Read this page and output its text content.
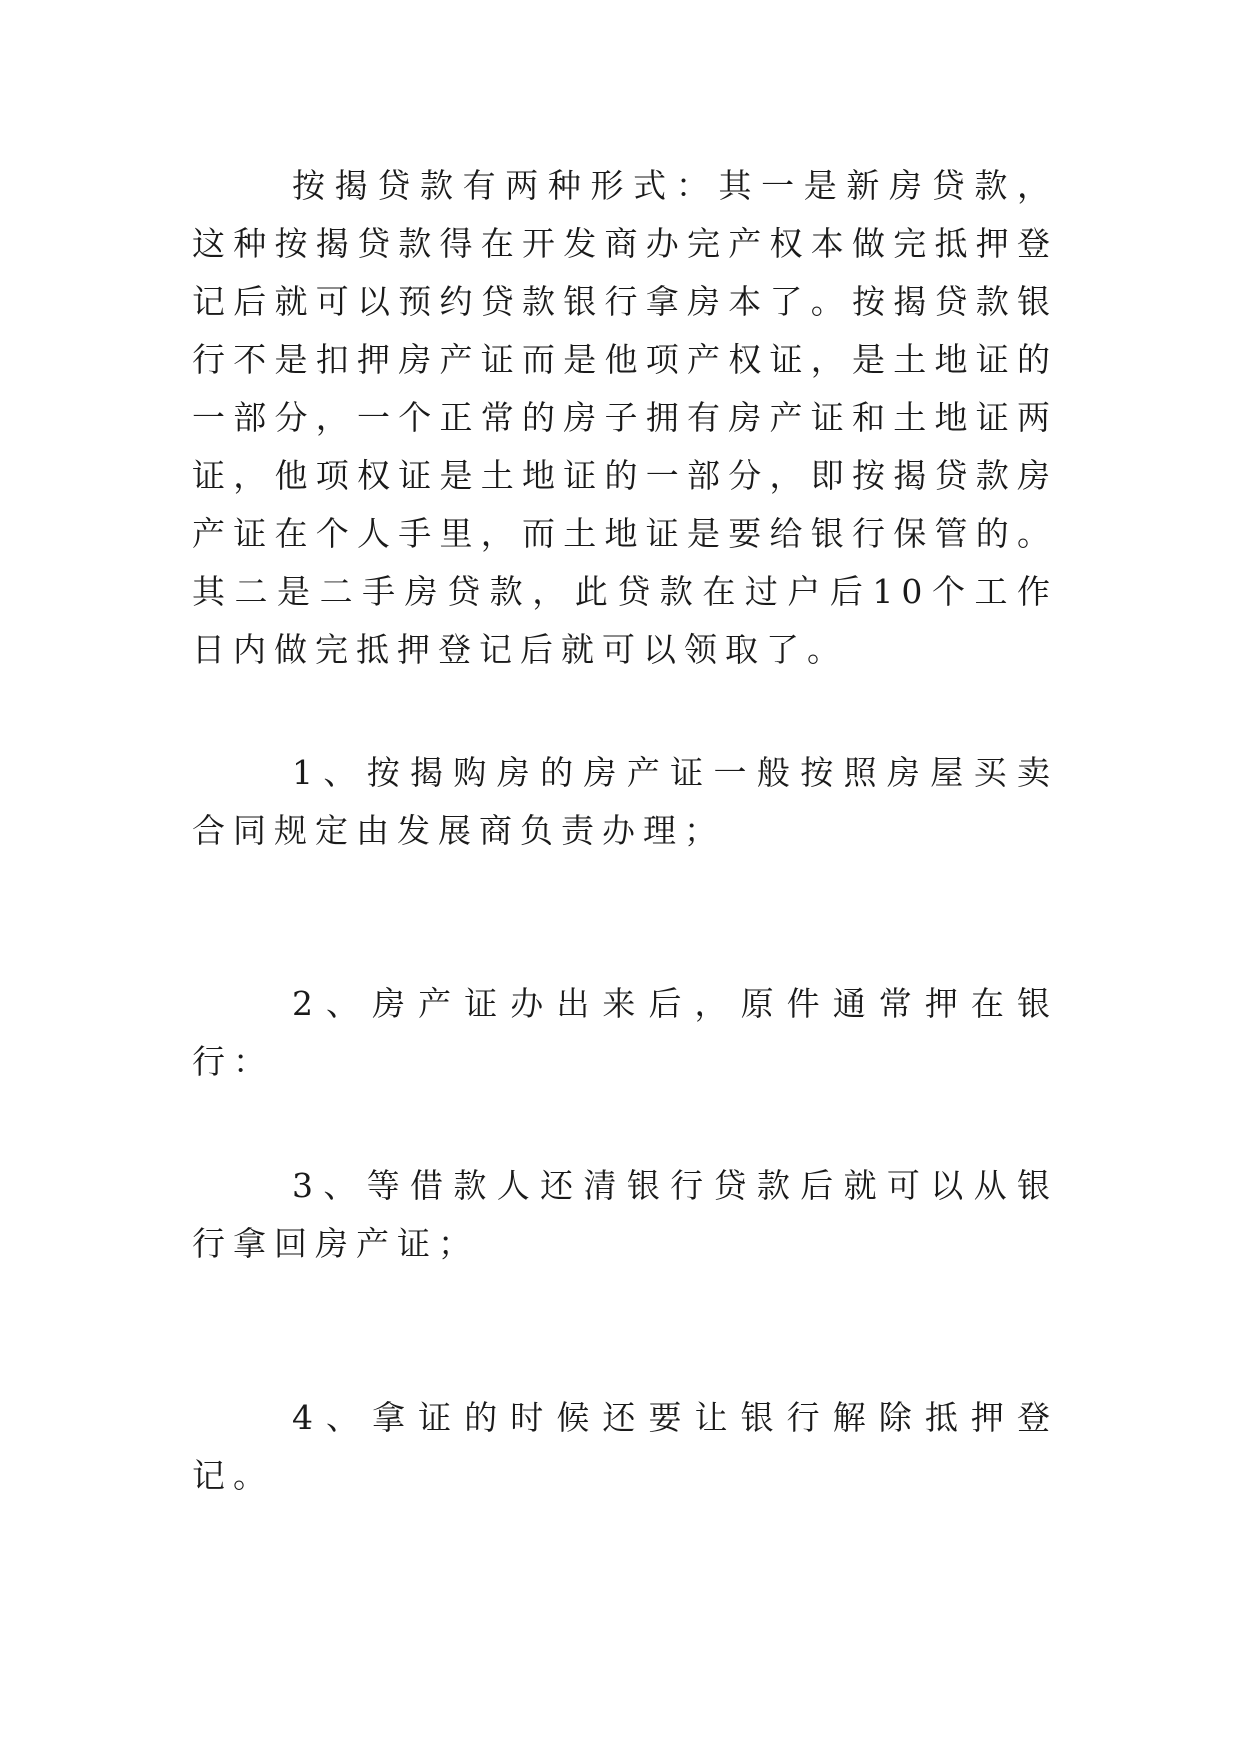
按揭贷款有两种形式：其一是新房贷款，这种按揭贷款得在开发商办完产权本做完抵押登记后就可以预约贷款银行拿房本了。按揭贷款银行不是扣押房产证而是他项产权证，是土地证的一部分，一个正常的房子拥有房产证和土地证两证，他项权证是土地证的一部分，即按揭贷款房产证在个人手里，而土地证是要给银行保管的。其二是二手房贷款，此贷款在过户后10个工作日内做完抵押登记后就可以领取了。

1、按揭购房的房产证一般按照房屋买卖合同规定由发展商负责办理；

2、房产证办出来后，原件通常押在银行：

3、等借款人还清银行贷款后就可以从银行拿回房产证；

4、拿证的时候还要让银行解除抵押登记。
